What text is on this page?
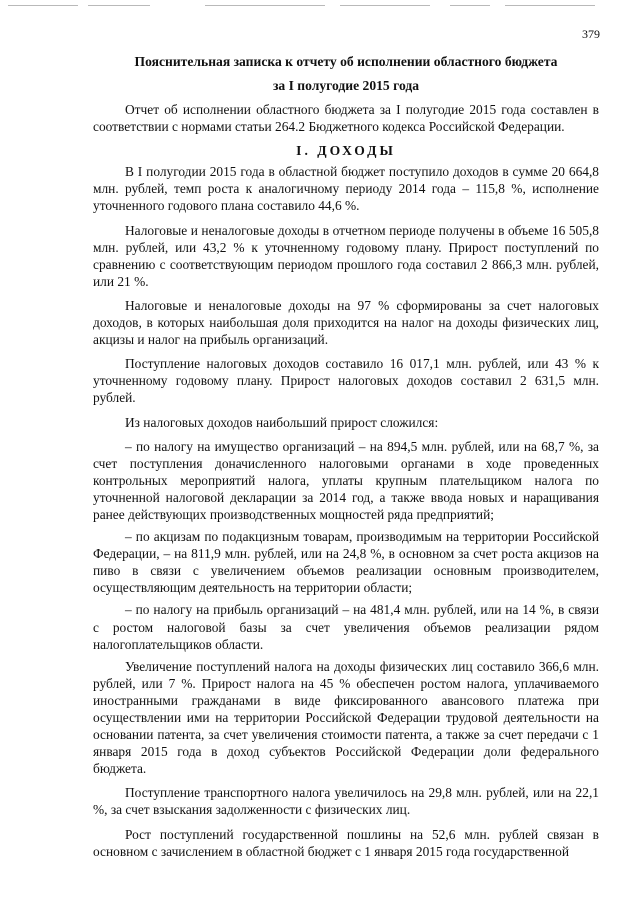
379
Пояснительная записка к отчету об исполнении областного бюджета
за I полугодие 2015 года

Отчет об исполнении областного бюджета за I полугодие 2015 года составлен в соответствии с нормами статьи 264.2 Бюджетного кодекса Российской Федерации.

I. ДОХОДЫ

В I полугодии 2015 года в областной бюджет поступило доходов в сумме 20 664,8 млн. рублей, темп роста к аналогичному периоду 2014 года – 115,8 %, исполнение уточненного годового плана составило 44,6 %.

Налоговые и неналоговые доходы в отчетном периоде получены в объеме 16 505,8 млн. рублей, или 43,2 % к уточненному годовому плану. Прирост поступлений по сравнению с соответствующим периодом прошлого года составил 2 866,3 млн. рублей, или 21 %.

Налоговые и неналоговые доходы на 97 % сформированы за счет налоговых доходов, в которых наибольшая доля приходится на налог на доходы физических лиц, акцизы и налог на прибыль организаций.

Поступление налоговых доходов составило 16 017,1 млн. рублей, или 43 % к уточненному годовому плану. Прирост налоговых доходов составил 2 631,5 млн. рублей.

Из налоговых доходов наибольший прирост сложился:

– по налогу на имущество организаций – на 894,5 млн. рублей, или на 68,7 %, за счет поступления доначисленного налоговыми органами в ходе проведенных контрольных мероприятий налога, уплаты крупным плательщиком налога по уточненной налоговой декларации за 2014 год, а также ввода новых и наращивания ранее действующих производственных мощностей ряда предприятий;

– по акцизам по подакцизным товарам, производимым на территории Российской Федерации, – на 811,9 млн. рублей, или на 24,8 %, в основном за счет роста акцизов на пиво в связи с увеличением объемов реализации основным производителем, осуществляющим деятельность на территории области;

– по налогу на прибыль организаций – на 481,4 млн. рублей, или на 14 %, в связи с ростом налоговой базы за счет увеличения объемов реализации рядом налогоплательщиков области.

Увеличение поступлений налога на доходы физических лиц составило 366,6 млн. рублей, или 7 %. Прирост налога на 45 % обеспечен ростом налога, уплачиваемого иностранными гражданами в виде фиксированного авансового платежа при осуществлении ими на территории Российской Федерации трудовой деятельности на основании патента, за счет увеличения стоимости патента, а также за счет передачи с 1 января 2015 года в доход субъектов Российской Федерации доли федерального бюджета.

Поступление транспортного налога увеличилось на 29,8 млн. рублей, или на 22,1 %, за счет взыскания задолженности с физических лиц.

Рост поступлений государственной пошлины на 52,6 млн. рублей связан в основном с зачислением в областной бюджет с 1 января 2015 года государственной
